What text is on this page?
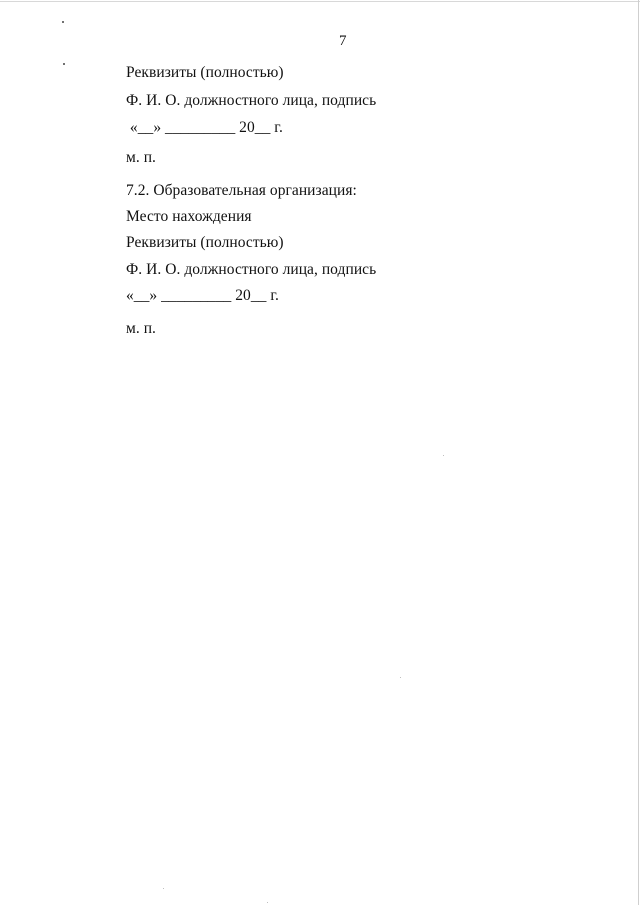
7
Реквизиты (полностью)
Ф. И. О. должностного лица, подпись
«__» _________ 20__ г.
м. п.
7.2. Образовательная организация:
Место нахождения
Реквизиты (полностью)
Ф. И. О. должностного лица, подпись
«__» _________ 20__ г.
м. п.
